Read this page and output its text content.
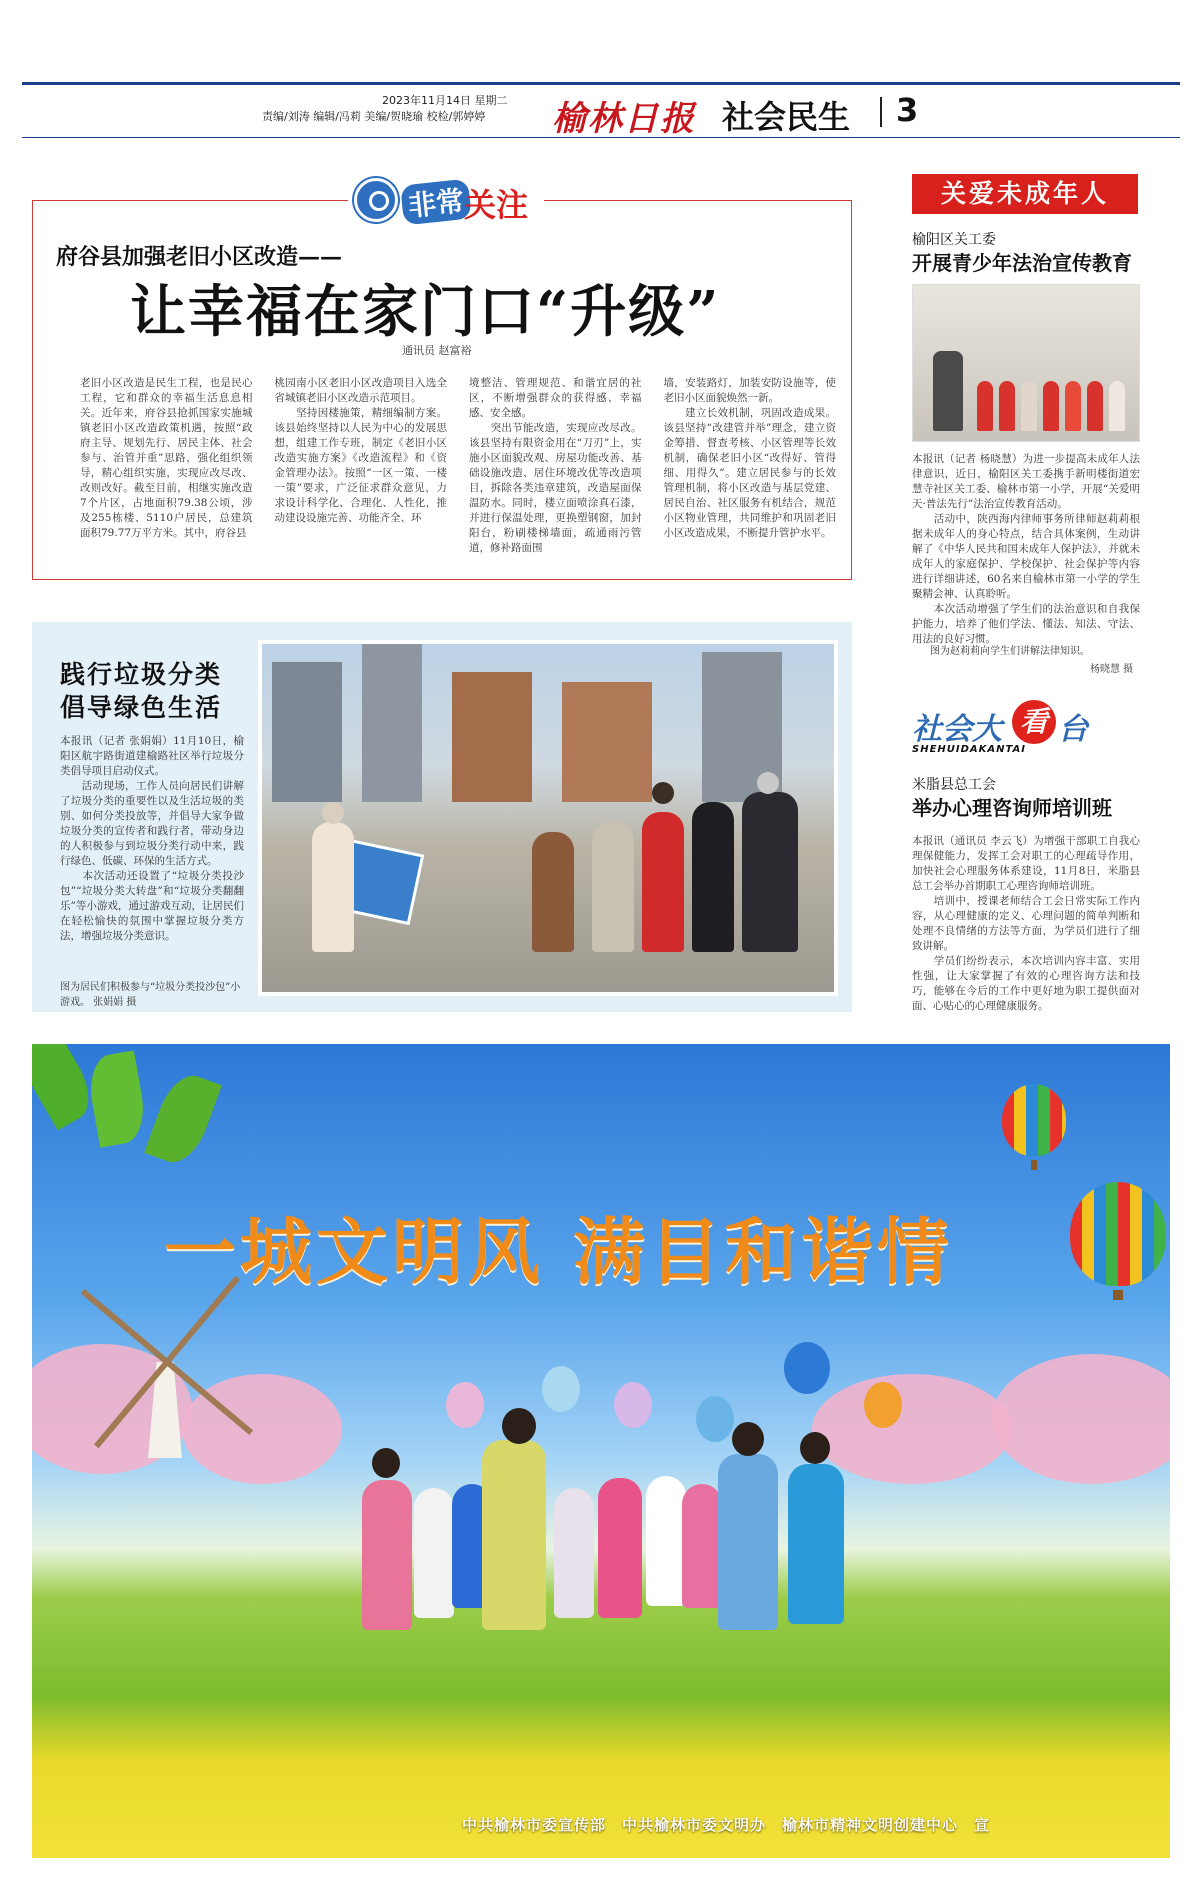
2023年11月14日 星期二
责编/刘涛 编辑/冯莉 美编/贺晓瑜 校检/郭婷婷	榆林日报 社会民生 3
非常
关注
府谷县加强老旧小区改造——
让幸福在家门口“升级”
通讯员 赵富裕
老旧小区改造是民生工程，也是民心工程，它和群众的幸福生活息息相关。近年来，府谷县抢抓国家实施城镇老旧小区改造政策机遇，按照“政府主导、规划先行、居民主体、社会参与、治管并重”思路，强化组织领导，精心组织实施，实现应改尽改、改则改好。截至目前，相继实施改造7个片区，占地面积79.38公顷，涉及255栋楼、5110户居民，总建筑面积79.77万平方米。其中，府谷县
桃园南小区老旧小区改造项目入选全省城镇老旧小区改造示范项目。
　　坚持因楼施策，精细编制方案。该县始终坚持以人民为中心的发展思想，组建工作专班，制定《老旧小区改造实施方案》《改造流程》和《资金管理办法》。按照“一区一策、一楼一策”要求，广泛征求群众意见，力求设计科学化、合理化、人性化，推动建设设施完善、功能齐全、环
境整洁、管理规范、和谐宜居的社区，不断增强群众的获得感、幸福感、安全感。
　　突出节能改造，实现应改尽改。该县坚持有限资金用在“刀刃”上，实施小区面貌改观、房屋功能改善、基础设施改造、居住环境改优等改造项目，拆除各类违章建筑，改造屋面保温防水。同时，楼立面喷涂真石漆，并进行保温处理，更换塑钢窗，加封阳台，粉刷楼梯墙面，疏通雨污管道，修补路面围
墙，安装路灯，加装安防设施等，使老旧小区面貌焕然一新。
　　建立长效机制，巩固改造成果。该县坚持“改建管并举”理念，建立资金筹措、督查考核、小区管理等长效机制，确保老旧小区“改得好、管得细、用得久”。建立居民参与的长效管理机制，将小区改造与基层党建、居民自治、社区服务有机结合，规范小区物业管理，共同维护和巩固老旧小区改造成果，不断提升管护水平。
践行垃圾分类
倡导绿色生活
本报讯（记者 张娟娟）11月10日，榆阳区航宇路街道建榆路社区举行垃圾分类倡导项目启动仪式。
　　活动现场，工作人员向居民们讲解了垃圾分类的重要性以及生活垃圾的类别、如何分类投放等，并倡导大家争做垃圾分类的宣传者和践行者，带动身边的人积极参与到垃圾分类行动中来，践行绿色、低碳、环保的生活方式。
　　本次活动还设置了“垃圾分类投沙包”“垃圾分类大转盘”和“垃圾分类翻翻乐”等小游戏，通过游戏互动，让居民们在轻松愉快的氛围中掌握垃圾分类方法，增强垃圾分类意识。
图为居民们积极参与“垃圾分类投沙包”小游戏。 张娟娟 摄
关爱未成年人
榆阳区关工委
开展青少年法治宣传教育
本报讯（记者 杨晓慧）为进一步提高未成年人法律意识，近日，榆阳区关工委携手新明楼街道宏慧寺社区关工委、榆林市第一小学，开展“关爱明天·普法先行”法治宣传教育活动。
　　活动中，陕西海内律师事务所律师赵莉莉根据未成年人的身心特点，结合具体案例，生动讲解了《中华人民共和国未成年人保护法》，并就未成年人的家庭保护、学校保护、社会保护等内容进行详细讲述，60名来自榆林市第一小学的学生聚精会神、认真聆听。
　　本次活动增强了学生们的法治意识和自我保护能力，培养了他们学法、懂法、知法、守法、用法的良好习惯。
图为赵莉莉向学生们讲解法律知识。
杨晓慧 摄
社会大 看 台
SHEHUIDAKANTAI
米脂县总工会
举办心理咨询师培训班
本报讯（通讯员 李云飞）为增强干部职工自我心理保健能力，发挥工会对职工的心理疏导作用，加快社会心理服务体系建设，11月8日，米脂县总工会举办首期职工心理咨询师培训班。
　　培训中，授课老师结合工会日常实际工作内容，从心理健康的定义、心理问题的简单判断和处理不良情绪的方法等方面，为学员们进行了细致讲解。
　　学员们纷纷表示，本次培训内容丰富、实用性强，让大家掌握了有效的心理咨询方法和技巧，能够在今后的工作中更好地为职工提供面对面、心贴心的心理健康服务。
一城文明风 满目和谐情
中共榆林市委宣传部　中共榆林市委文明办　榆林市精神文明创建中心　宣
